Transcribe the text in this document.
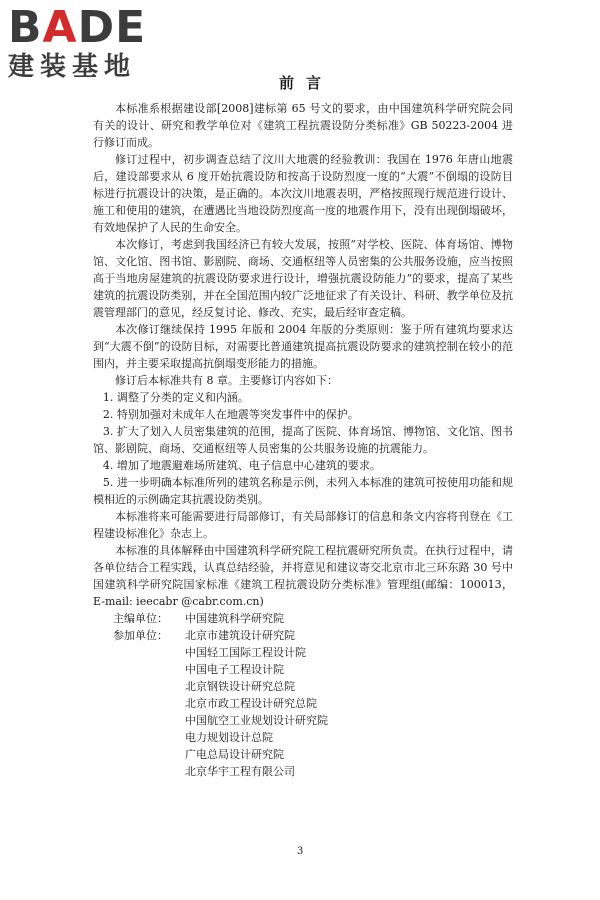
BADE
建装基地
前言

本标准系根据建设部[2008]建标第 65 号文的要求，由中国建筑科学研究院会同有关的设计、研究和教学单位对《建筑工程抗震设防分类标准》GB 50223-2004 进行修订而成。

修订过程中，初步调查总结了汶川大地震的经验教训：我国在 1976 年唐山地震后，建设部要求从 6 度开始抗震设防和按高于设防烈度一度的“大震”不倒塌的设防目标进行抗震设计的决策，是正确的。本次汶川地震表明，严格按照现行规范进行设计、施工和使用的建筑，在遭遇比当地设防烈度高一度的地震作用下，没有出现倒塌破坏，有效地保护了人民的生命安全。

本次修订，考虑到我国经济已有较大发展，按照“对学校、医院、体育场馆、博物馆、文化馆、图书馆、影剧院、商场、交通枢纽等人员密集的公共服务设施，应当按照高于当地房屋建筑的抗震设防要求进行设计，增强抗震设防能力”的要求，提高了某些建筑的抗震设防类别，并在全国范围内较广泛地征求了有关设计、科研、教学单位及抗震管理部门的意见，经反复讨论、修改、充实，最后经审查定稿。

本次修订继续保持 1995 年版和 2004 年版的分类原则：鉴于所有建筑均要求达到“大震不倒”的设防目标，对需要比普通建筑提高抗震设防要求的建筑控制在较小的范围内，并主要采取提高抗倒塌变形能力的措施。

修订后本标准共有 8 章。主要修订内容如下：

1. 调整了分类的定义和内涵。

2. 特别加强对未成年人在地震等突发事件中的保护。

3. 扩大了划入人员密集建筑的范围，提高了医院、体育场馆、博物馆、文化馆、图书馆、影剧院、商场、交通枢纽等人员密集的公共服务设施的抗震能力。

4. 增加了地震避难场所建筑、电子信息中心建筑的要求。

5. 进一步明确本标准所列的建筑名称是示例，未列入本标准的建筑可按使用功能和规模相近的示例确定其抗震设防类别。

本标准将来可能需要进行局部修订，有关局部修订的信息和条文内容将刊登在《工程建设标准化》杂志上。

本标准的具体解释由中国建筑科学研究院工程抗震研究所负责。在执行过程中，请各单位结合工程实践，认真总结经验，并将意见和建议寄交北京市北三环东路 30 号中国建筑科学研究院国家标准《建筑工程抗震设防分类标准》管理组(邮编：100013，E-mail: ieecabr @cabr.com.cn)

主编单位：	中国建筑科学研究院
参加单位：	北京市建筑设计研究院
中国轻工国际工程设计院
中国电子工程设计院
北京钢铁设计研究总院
北京市政工程设计研究总院
中国航空工业规划设计研究院
电力规划设计总院
广电总局设计研究院
北京华宇工程有限公司
3
